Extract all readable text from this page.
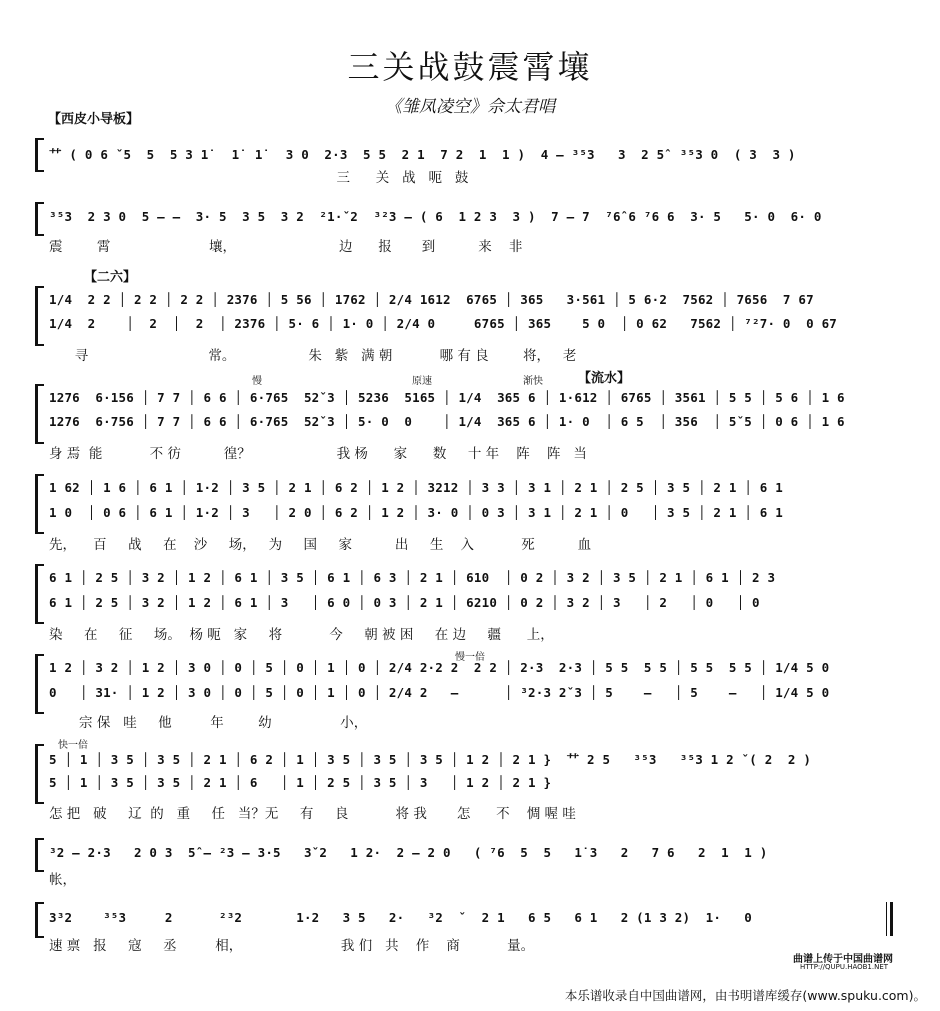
三关战鼓震霄壤
《雏凤凌空》佘太君唱
【西皮小导板】
【二六】
【流水】
慢	原速	渐快
慢一倍
快一倍
⺿ ( 0 6 ˇ5  5  5 3 1̇   1̇  1̇   3 0  2·3  5 5  2 1  7 2  1  1 )  4 — ³⁵3   3  2 5̂  ³⁵3 0  ( 3  3 )
三      关   战   呃   鼓
³⁵3  2 3 0  5 — —  3· 5  3 5  3 2  ²1·ˇ2  ³²3 — ( 6  1 2 3  3 )  7 — 7  ⁷6̂ 6 ⁷6 6  3· 5   5· 0  6· 0
震        霄                       壤，                        边      报       到          来    非
1/4  2 2 │ 2 2 │ 2 2 │ 2376 │ 5 56 │ 1762 │ 2/4 1612  6765 │ 365   3·561 │ 5 6·2  7562 │ 7656  7 67
1/4  2    │  2  │  2  │ 2376 │ 5· 6 │ 1· 0 │ 2/4 0     6765 │ 365    5 0  │ 0 62   7562 │ ⁷²7· 0  0 67
寻                            常。                 朱   紫   满 朝           哪 有 良        将，   老
1276  6·156 │ 7 7 │ 6 6 │ 6·765  52ˇ3 │ 5236  5165 │ 1/4  365 6 │ 1·612 │ 6765 │ 3561 │ 5 5 │ 5 6 │ 1 6
1276  6·756 │ 7 7 │ 6 6 │ 6·765  52ˇ3 │ 5· 0  0    │ 1/4  365 6 │ 1· 0  │ 6 5  │ 356  │ 5ˇ5 │ 0 6 │ 1 6
身 焉  能           不 彷          徨？                    我 杨      家      数     十 年    阵    阵   当
1 62 │ 1 6 │ 6 1 │ 1·2 │ 3 5 │ 2 1 │ 6 2 │ 1 2 │ 3212 │ 3 3 │ 3 1 │ 2 1 │ 2 5 │ 3 5 │ 2 1 │ 6 1
1 0  │ 0 6 │ 6 1 │ 1·2 │ 3   │ 2 0 │ 6 2 │ 1 2 │ 3· 0 │ 0 3 │ 3 1 │ 2 1 │ 0   │ 3 5 │ 2 1 │ 6 1
先，    百     战     在    沙     场，   为     国     家          出     生    入           死          血
6 1 │ 2 5 │ 3 2 │ 1 2 │ 6 1 │ 3 5 │ 6 1 │ 6 3 │ 2 1 │ 610  │ 0 2 │ 3 2 │ 3 5 │ 2 1 │ 6 1 │ 2 3
6 1 │ 2 5 │ 3 2 │ 1 2 │ 6 1 │ 3   │ 6 0 │ 0 3 │ 2 1 │ 6210 │ 0 2 │ 3 2 │ 3   │ 2   │ 0   │ 0
染     在     征     场。  杨 呃   家     将           今     朝 被 困     在 边     疆      上，
1 2 │ 3 2 │ 1 2 │ 3 0 │ 0 │ 5 │ 0 │ 1 │ 0 │ 2/4 2·2 2  2 2 │ 2·3  2·3 │ 5 5  5 5 │ 5 5  5 5 │ 1/4 5 0
0   │ 31· │ 1 2 │ 3 0 │ 0 │ 5 │ 0 │ 1 │ 0 │ 2/4 2   —      │ ³2·3 2ˇ3 │ 5    —   │ 5    —   │ 1/4 5 0
宗 保   哇     他         年        幼                小，
5 │ 1 │ 3 5 │ 3 5 │ 2 1 │ 6 2 │ 1 │ 3 5 │ 3 5 │ 3 5 │ 1 2 │ 2 1 }  ⺿ 2 5   ³⁵3   ³⁵3 1 2 ˇ( 2  2 )
5 │ 1 │ 3 5 │ 3 5 │ 2 1 │ 6   │ 1 │ 2 5 │ 3 5 │ 3   │ 1 2 │ 2 1 }
怎 把   破     辽  的   重     任   当？无     有     良           将 我       怎      不    惆 喔 哇
³2 — 2·3   2 0 3  5̂ — ²3 — 3·5   3ˇ2   1 2·  2 — 2 0   ( ⁷6  5  5   1̇ 3   2   7 6   2  1  1 )
帐，
3³2    ³⁵3     2      ²³2       1·2   3 5   2·   ³2  ˇ  2 1   6 5   6 1   2 (1 3 2)  1·   0
速 禀   报     寇     丞         相，                       我 们   共    作    商           量。
曲谱上传于中国曲谱网
HTTP://QUPU.HAOB1.NET
本乐谱收录自中国曲谱网，由书明谱库缓存(www.spuku.com)。
